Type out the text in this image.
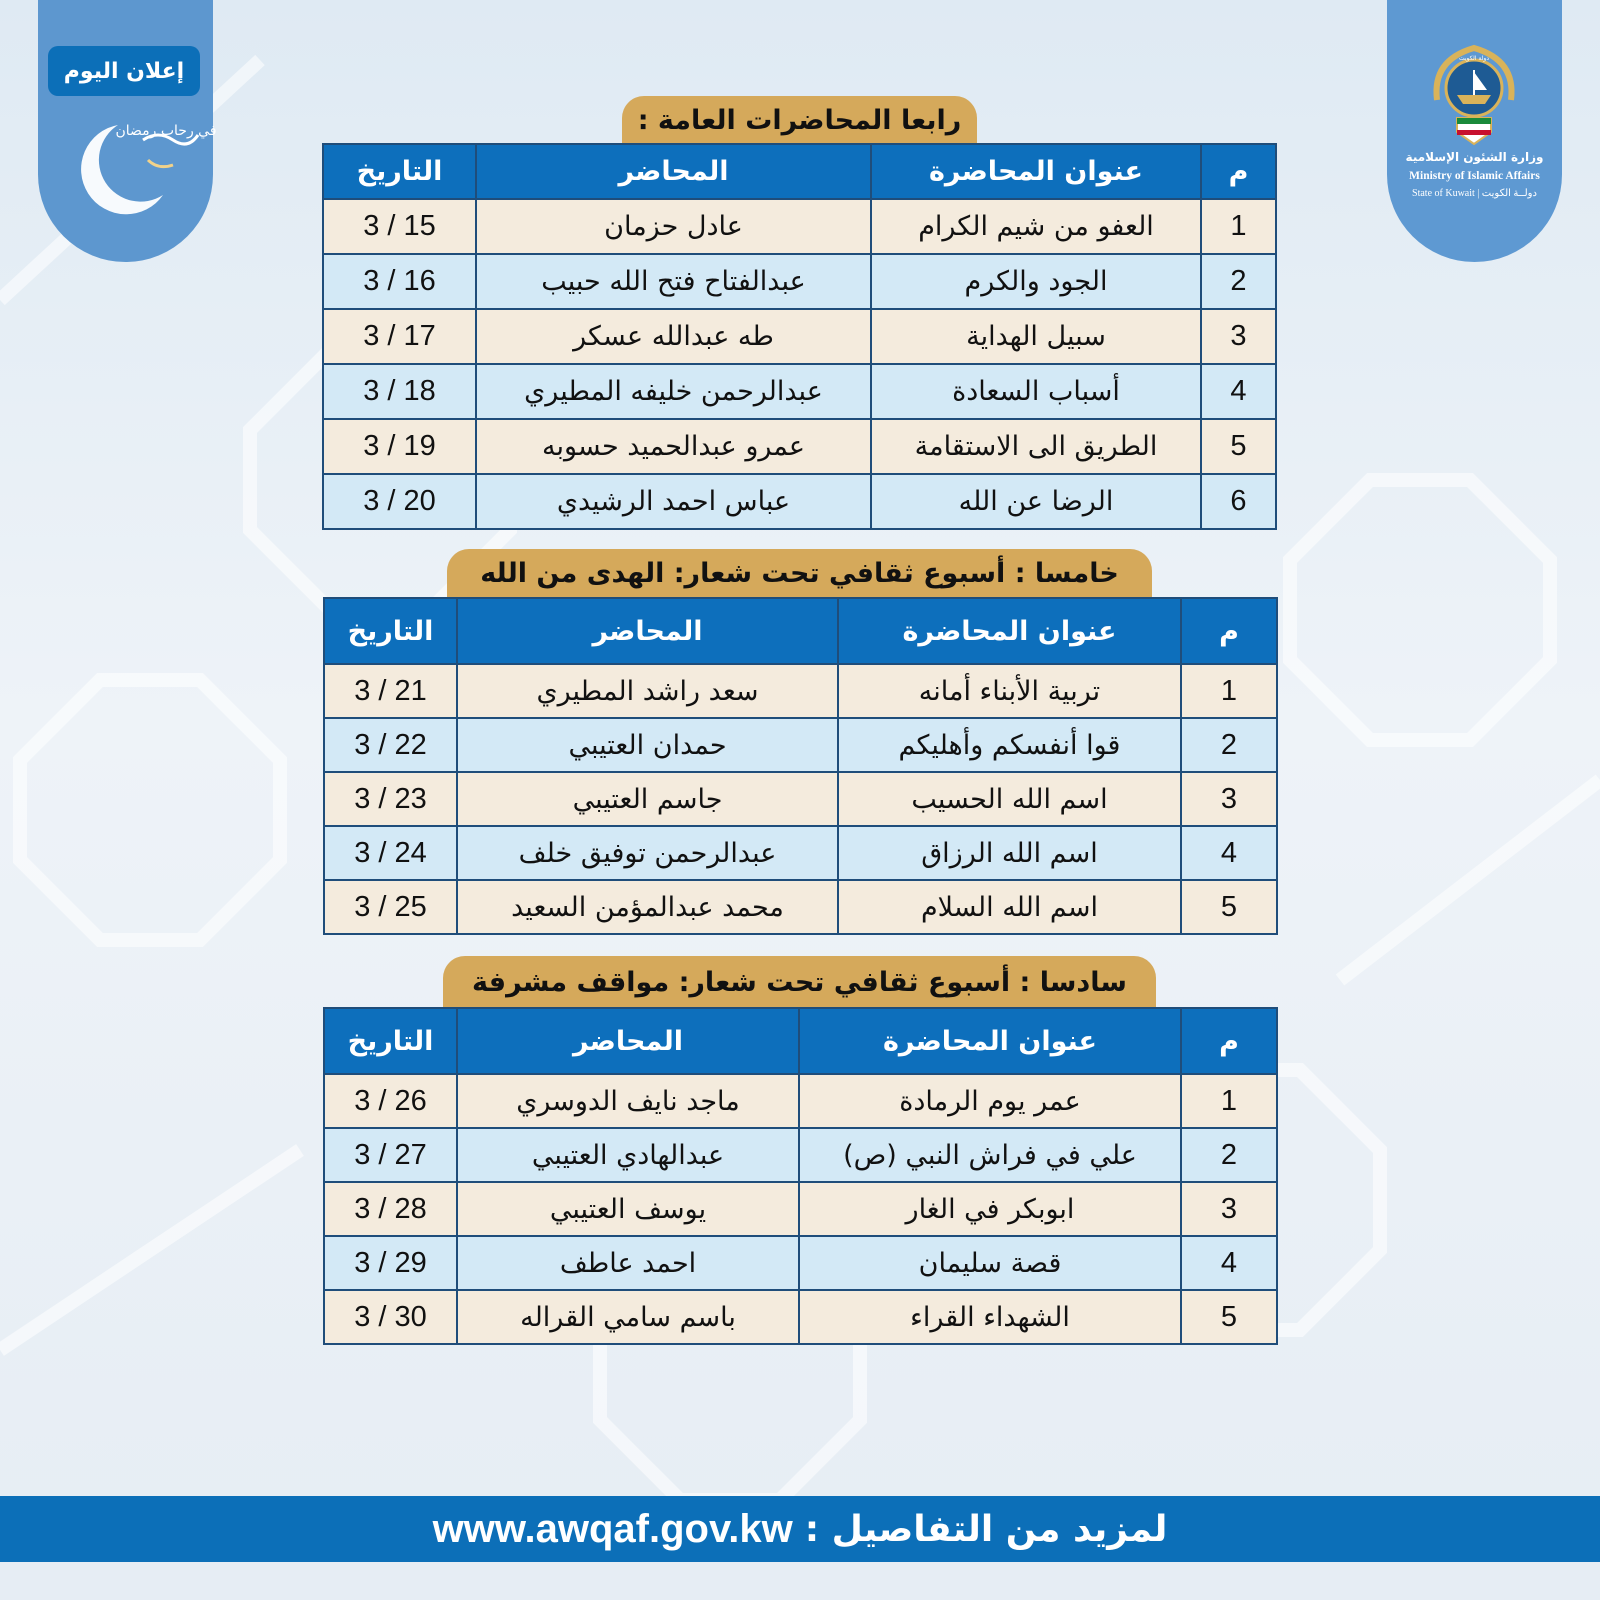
إعلان اليوم
في رحاب رمضان
دولة الكويت
وزارة الشئون الإسلامية
Ministry of Islamic Affairs
State of Kuwait | دولــة الكويت
رابعا المحاضرات العامة :
م	عنوان المحاضرة	المحاضر	التاريخ
1	العفو من شيم الكرام	عادل حزمان	3 / 15
2	الجود والكرم	عبدالفتاح فتح الله حبيب	3 / 16
3	سبيل الهداية	طه عبدالله عسكر	3 / 17
4	أسباب السعادة	عبدالرحمن خليفه المطيري	3 / 18
5	الطريق الى الاستقامة	عمرو عبدالحميد حسوبه	3 / 19
6	الرضا عن الله	عباس احمد الرشيدي	3 / 20
خامسا : أسبوع ثقافي تحت شعار: الهدى من الله
م	عنوان المحاضرة	المحاضر	التاريخ
1	تربية الأبناء أمانه	سعد راشد المطيري	3 / 21
2	قوا أنفسكم وأهليكم	حمدان العتيبي	3 / 22
3	اسم الله الحسيب	جاسم العتيبي	3 / 23
4	اسم الله الرزاق	عبدالرحمن توفيق خلف	3 / 24
5	اسم الله السلام	محمد عبدالمؤمن السعيد	3 / 25
سادسا : أسبوع ثقافي تحت شعار: مواقف مشرفة
م	عنوان المحاضرة	المحاضر	التاريخ
1	عمر يوم الرمادة	ماجد نايف الدوسري	3 / 26
2	علي في فراش النبي (ص)	عبدالهادي العتيبي	3 / 27
3	ابوبكر في الغار	يوسف العتيبي	3 / 28
4	قصة سليمان	احمد عاطف	3 / 29
5	الشهداء القراء	باسم سامي القراله	3 / 30
www.awqaf.gov.kw لمزيد من التفاصيل :
